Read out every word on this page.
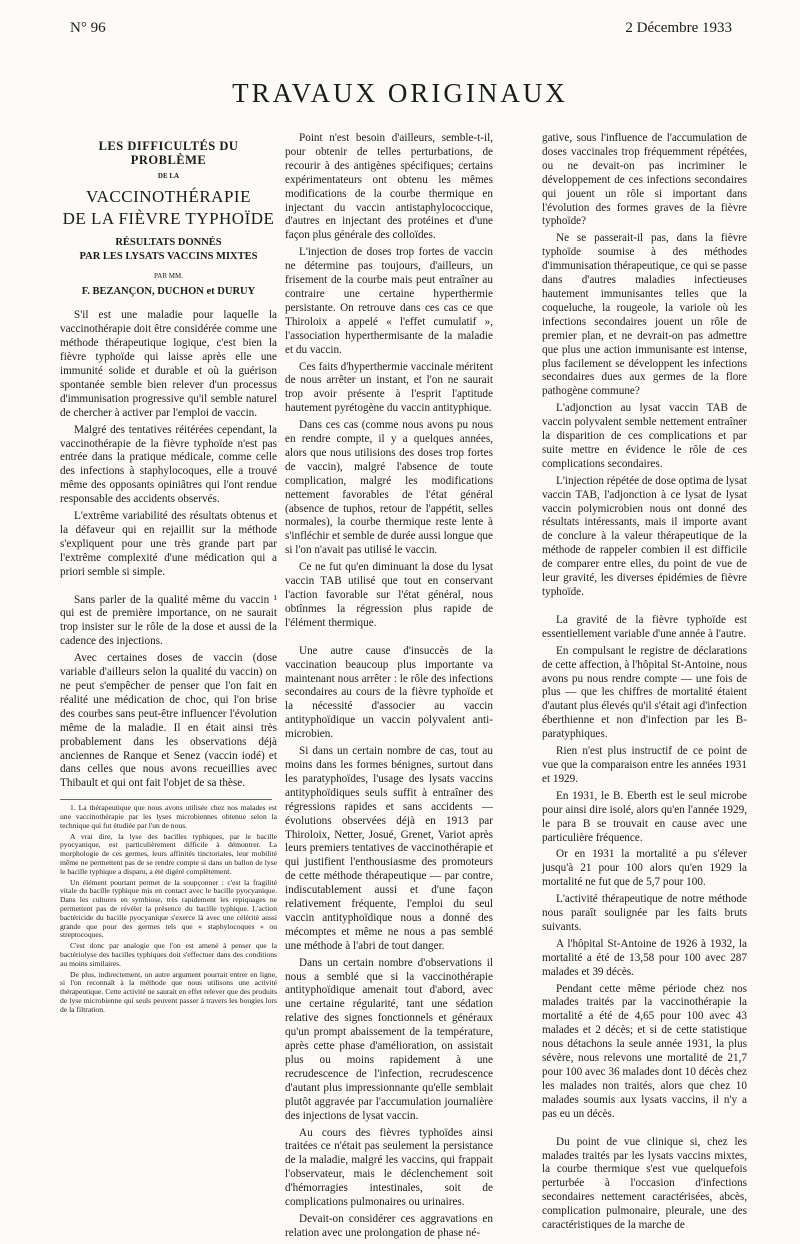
N° 96	2 Décembre 1933
TRAVAUX ORIGINAUX
LES DIFFICULTÉS DU PROBLÈME
DE LA
VACCINOTHÉRAPIE
DE LA FIÈVRE TYPHOÏDE
RÉSULTATS DONNÉS
PAR LES LYSATS VACCINS MIXTES
PAR MM.
F. BEZANÇON, DUCHON et DURUY

S'il est une maladie pour laquelle la vaccinothérapie doit être considérée comme une méthode thérapeutique logique, c'est bien la fièvre typhoïde qui laisse après elle une immunité solide et durable et où la guérison spontanée semble bien relever d'un processus d'immunisation progressive qu'il semble naturel de chercher à activer par l'emploi de vaccin.

Malgré des tentatives réitérées cependant, la vaccinothérapie de la fièvre typhoïde n'est pas entrée dans la pratique médicale, comme celle des infections à staphylocoques, elle a trouvé même des opposants opiniâtres qui l'ont rendue responsable des accidents observés.

L'extrême variabilité des résultats obtenus et la défaveur qui en rejaillit sur la méthode s'expliquent pour une très grande part par l'extrême complexité d'une médication qui a priori semble si simple.

Sans parler de la qualité même du vaccin ¹ qui est de première importance, on ne saurait trop insister sur le rôle de la dose et aussi de la cadence des injections.

Avec certaines doses de vaccin (dose variable d'ailleurs selon la qualité du vaccin) on ne peut s'empêcher de penser que l'on fait en réalité une médication de choc, qui l'on brise des courbes sans peut-être influencer l'évolution même de la maladie. Il en était ainsi très probablement dans les observations déjà anciennes de Ranque et Senez (vaccin iodé) et dans celles que nous avons recueillies avec Thibault et qui ont fait l'objet de sa thèse.

1. La thérapeutique que nous avons utilisée chez nos malades est une vaccinothérapie par les lyses microbiennes obtenue selon la technique qui fut étudiée par l'un de nous.

A vrai dire, la lyse des bacilles typhiques, par le bacille pyocyanique, est particulièrement difficile à démontrer. La morphologie de ces germes, leurs affinités tinctoriales, leur mobilité même ne permettent pas de se rendre compte si dans un ballon de lyse le bacille typhique a disparu, a été digéré complètement.

Un élément pourtant permet de la soupçonner : c'est la fragilité vitale du bacille typhique mis en contact avec le bacille pyocyanique. Dans les cultures en symbiose, très rapidement les repiquages ne permettent pas de révéler la présence du bacille typhique. L'action bactéricide du bacille pyocyanique s'exerce là avec une célérité aussi grande que pour des germes tels que « staphylocoques » ou streptocoques.

C'est donc par analogie que l'on est amené à penser que la bactériolyse des bacilles typhiques doit s'effectuer dans des conditions au moins similaires.

De plus, indirectement, un autre argument pourrait entrer en ligne, si l'on reconnaît à la méthode que nous utilisons une activité thérapeutique. Cette activité ne saurait en effet relever que des produits de lyse microbienne qui seuls peuvent passer à travers les bougies lors de la filtration.

Point n'est besoin d'ailleurs, semble-t-il, pour obtenir de telles perturbations, de recourir à des antigènes spécifiques; certains expérimentateurs ont obtenu les mêmes modifications de la courbe thermique en injectant du vaccin antistaphylococcique, d'autres en injectant des protéines et d'une façon plus générale des colloïdes.

L'injection de doses trop fortes de vaccin ne détermine pas toujours, d'ailleurs, un frisement de la courbe mais peut entraîner au contraire une certaine hyperthermie persistante. On retrouve dans ces cas ce que Thiroloix a appelé « l'effet cumulatif », l'association hyperthermisante de la maladie et du vaccin.

Ces faits d'hyperthermie vaccinale méritent de nous arrêter un instant, et l'on ne saurait trop avoir présente à l'esprit l'aptitude hautement pyrétogène du vaccin antityphique.

Dans ces cas (comme nous avons pu nous en rendre compte, il y a quelques années, alors que nous utilisions des doses trop fortes de vaccin), malgré l'absence de toute complication, malgré les modifications nettement favorables de l'état général (absence de tuphos, retour de l'appétit, selles normales), la courbe thermique reste lente à s'infléchir et semble de durée aussi longue que si l'on n'avait pas utilisé le vaccin.

Ce ne fut qu'en diminuant la dose du lysat vaccin TAB utilisé que tout en conservant l'action favorable sur l'état général, nous obtînmes la régression plus rapide de l'élément thermique.

Une autre cause d'insuccès de la vaccination beaucoup plus importante va maintenant nous arrêter : le rôle des infections secondaires au cours de la fièvre typhoïde et la nécessité d'associer au vaccin antityphoïdique un vaccin polyvalent anti-microbien.

Si dans un certain nombre de cas, tout au moins dans les formes bénignes, surtout dans les paratyphoïdes, l'usage des lysats vaccins antityphoïdiques seuls suffit à entraîner des régressions rapides et sans accidents — évolutions observées déjà en 1913 par Thiroloix, Netter, Josué, Grenet, Variot après leurs premiers tentatives de vaccinothérapie et qui justifient l'enthousiasme des promoteurs de cette méthode thérapeutique — par contre, indiscutablement aussi et d'une façon relativement fréquente, l'emploi du seul vaccin antityphoïdique nous a donné des mécomptes et même ne nous a pas semblé une méthode à l'abri de tout danger.

Dans un certain nombre d'observations il nous a semblé que si la vaccinothérapie antityphoïdique amenait tout d'abord, avec une certaine régularité, tant une sédation relative des signes fonctionnels et généraux qu'un prompt abaissement de la température, après cette phase d'amélioration, on assistait plus ou moins rapidement à une recrudescence de l'infection, recrudescence d'autant plus impressionnante qu'elle semblait plutôt aggravée par l'accumulation journalière des injections de lysat vaccin.

Au cours des fièvres typhoïdes ainsi traitées ce n'était pas seulement la persistance de la maladie, malgré les vaccins, qui frappait l'observateur, mais le déclenchement soit d'hémorragies intestinales, soit de complications pulmonaires ou urinaires.

Devait-on considérer ces aggravations en relation avec une prolongation de phase né-

gative, sous l'influence de l'accumulation de doses vaccinales trop fréquemment répétées, ou ne devait-on pas incriminer le développement de ces infections secondaires qui jouent un rôle si important dans l'évolution des formes graves de la fièvre typhoïde?

Ne se passerait-il pas, dans la fièvre typhoïde soumise à des méthodes d'immunisation thérapeutique, ce qui se passe dans d'autres maladies infectieuses hautement immunisantes telles que la coqueluche, la rougeole, la variole où les infections secondaires jouent un rôle de premier plan, et ne devrait-on pas admettre que plus une action immunisante est intense, plus facilement se développent les infections secondaires dues aux germes de la flore pathogène commune?

L'adjonction au lysat vaccin TAB de vaccin polyvalent semble nettement entraîner la disparition de ces complications et par suite mettre en évidence le rôle de ces complications secondaires.

L'injection répétée de dose optima de lysat vaccin TAB, l'adjonction à ce lysat de lysat vaccin polymicrobien nous ont donné des résultats intéressants, mais il importe avant de conclure à la valeur thérapeutique de la méthode de rappeler combien il est difficile de comparer entre elles, du point de vue de leur gravité, les diverses épidémies de fièvre typhoïde.

La gravité de la fièvre typhoïde est essentiellement variable d'une année à l'autre.

En compulsant le registre de déclarations de cette affection, à l'hôpital St-Antoine, nous avons pu nous rendre compte — une fois de plus — que les chiffres de mortalité étaient d'autant plus élevés qu'il s'était agi d'infection éberthienne et non d'infection par les B-paratyphiques.

Rien n'est plus instructif de ce point de vue que la comparaison entre les années 1931 et 1929.

En 1931, le B. Eberth est le seul microbe pour ainsi dire isolé, alors qu'en l'année 1929, le para B se trouvait en cause avec une particulière fréquence.

Or en 1931 la mortalité a pu s'élever jusqu'à 21 pour 100 alors qu'en 1929 la mortalité ne fut que de 5,7 pour 100.

L'activité thérapeutique de notre méthode nous paraît soulignée par les faits bruts suivants.

A l'hôpital St-Antoine de 1926 à 1932, la mortalité a été de 13,58 pour 100 avec 287 malades et 39 décès.

Pendant cette même période chez nos malades traités par la vaccinothérapie la mortalité a été de 4,65 pour 100 avec 43 malades et 2 décès; et si de cette statistique nous détachons la seule année 1931, la plus sévère, nous relevons une mortalité de 21,7 pour 100 avec 36 malades dont 10 décès chez les malades non traités, alors que chez 10 malades soumis aux lysats vaccins, il n'y a pas eu un décès.

Du point de vue clinique si, chez les malades traités par les lysats vaccins mixtes, la courbe thermique s'est vue quelquefois perturbée à l'occasion d'infections secondaires nettement caractérisées, abcès, complication pulmonaire, pleurale, une des caractéristiques de la marche de
